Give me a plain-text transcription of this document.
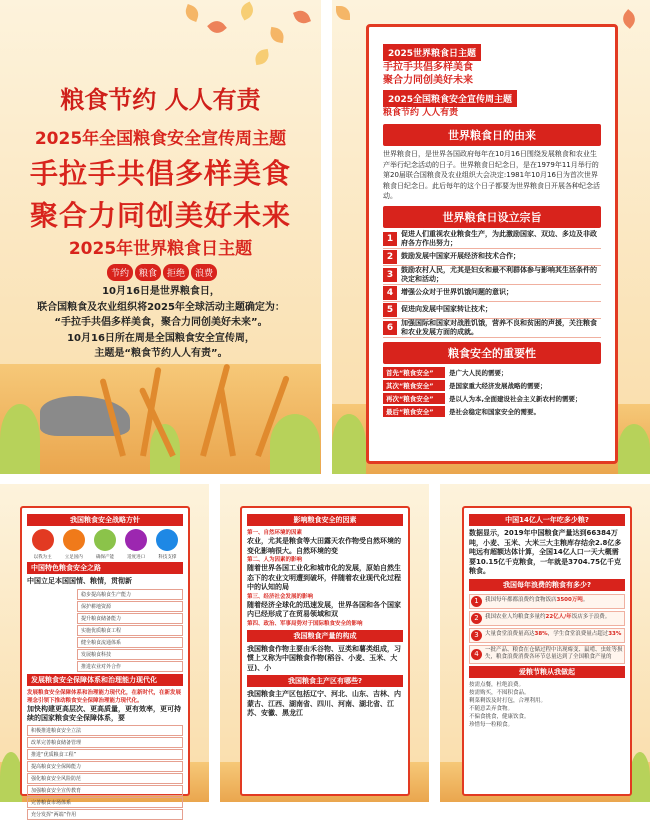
粮食节约 人人有责
2025年全国粮食安全宣传周主题
手拉手共倡多样美食
聚合力同创美好未来
2025年世界粮食日主题
节约	粮食	拒绝	浪费
10月16日是世界粮食日，
联合国粮食及农业组织将2025年全球活动主题确定为：
“手拉手共倡多样美食，聚合力同创美好未来”。
10月16日所在周是全国粮食安全宣传周，
主题是“粮食节约人人有责”。
2025世界粮食日主题
手拉手共倡多样美食
聚合力同创美好未来
2025全国粮食安全宣传周主题
粮食节约 人人有责
世界粮食日的由来
世界粮食日，是世界各国政府每年在10月16日围绕发展粮食和农业生产举行纪念活动的日子。世界粮食日纪念日，是在1979年11月举行的第20届联合国粮食及农业组织大会决定:1981年10月16日为首次世界粮食日纪念日。此后每年的这个日子都要为世界粮食日开展各种纪念活动。
世界粮食日设立宗旨
1	促进人们重视农业粮食生产，为此激励国家、双边、多边及非政府各方作出努力；
2	鼓励发展中国家开展经济和技术合作；
3	鼓励农村人民，尤其是妇女和最不利群体参与影响其生活条件的决定和活动；
4	增强公众对于世界饥饿问题的意识；
5	促进向发展中国家转让技术；
6	加强国际和国家对战胜饥饿，营养不良和贫困的声援，关注粮食和农业发展方面的成就。
粮食安全的重要性
首先“粮食安全”	是广大人民的需要；
其次“粮食安全”	是国家重大经济发展战略的需要；
再次“粮食安全”	是以人为本,全面建设社会主义新农村的需要；
最后“粮食安全”	是社会稳定和国家安全的需要。
我国粮食安全战略方针
以我为主	立足国内	确保产能	适度进口	科技支撑
中国特色粮食安全之路
中国立足本国国情、粮情，贯彻新
稳步提高粮食生产能力
保护耕地资源
提升粮食储备能力
实施优质粮食工程
健全粮食流通体系
发展粮食科技
推进农业对外合作
发展粮食安全保障体系和治理能力现代化
发展粮食安全保障体系和治理能力现代化，在新时代，在新发展理念引领下推动粮食安全保障治理能力现代化。
加快构建更高层次、更高质量，更有效率，更可持续的国家粮食安全保障体系，要
积极推进粮食安全立法
改革完善粮食储备管理
推进“优质粮食工程”
提高粮食安全保障能力
强化粮食安全风险防范
加强粮食安全宣传教育
完善粮食市场体系
充分发挥“两端”作用
影响粮食安全的因素
第一、自然环境的因素
农业，尤其是粮食等大田露天农作物受自然环境的变化影响很大。自然环境的变
第二、人为因素的影响
随着世界各国工业化和城市化的发展，原始自然生态下的农业文明遭到破坏，伴随着农业现代化过程中的认知的局
第三、经济社会发展的影响
随着经济全球化的迅速发展，世界各国和各个国家内已经形成了在贸易领域和双
第四、政治、军事局势对于国际粮食安全的影响
我国粮食产量的构成
我国粮食作物主要由禾谷物、豆类和薯类组成，习惯上又称为中国粮食作物(稻谷、小麦、玉米、大豆)、小
我国粮食主产区有哪些?
我国粮食主产区包括辽宁、河北、山东、吉林、内蒙古、江西、湖南省、四川、河南、湖北省、江苏、安徽、黑龙江
中国14亿人一年吃多少粮?
数据显示，2019年中国粮食产量达到66384万吨，小麦、玉米、大米三大主粮库存结余2.8亿多吨远有超额达体计算，全国14亿人口一天大概需要10.15亿千克粮食，一年就是3704.75亿千克粮食。
我国每年浪费的粮食有多少?
1	我国每年都都浪费约食物饭店3500万吨。
2	我国农业人均粮食多量约22亿人/年饭店多于浪费。
3	大量食堂浪费量高达38%，学生食堂浪费量占超过33%
4	一批产品、粮食在仓储过程中出现霉变、鼠啃、虫蛀等损失，粮食浪费消费各环节总量达到了全国粮食产量的
爱粮节粮从我做起
按需点餐，杜绝浪费。
按需购买，不囤积食品。
剩菜剩饭及时打包，合理利用。
不随意丢弃食物。
不偏食挑食，健康饮食。
珍惜每一粒粮食。
